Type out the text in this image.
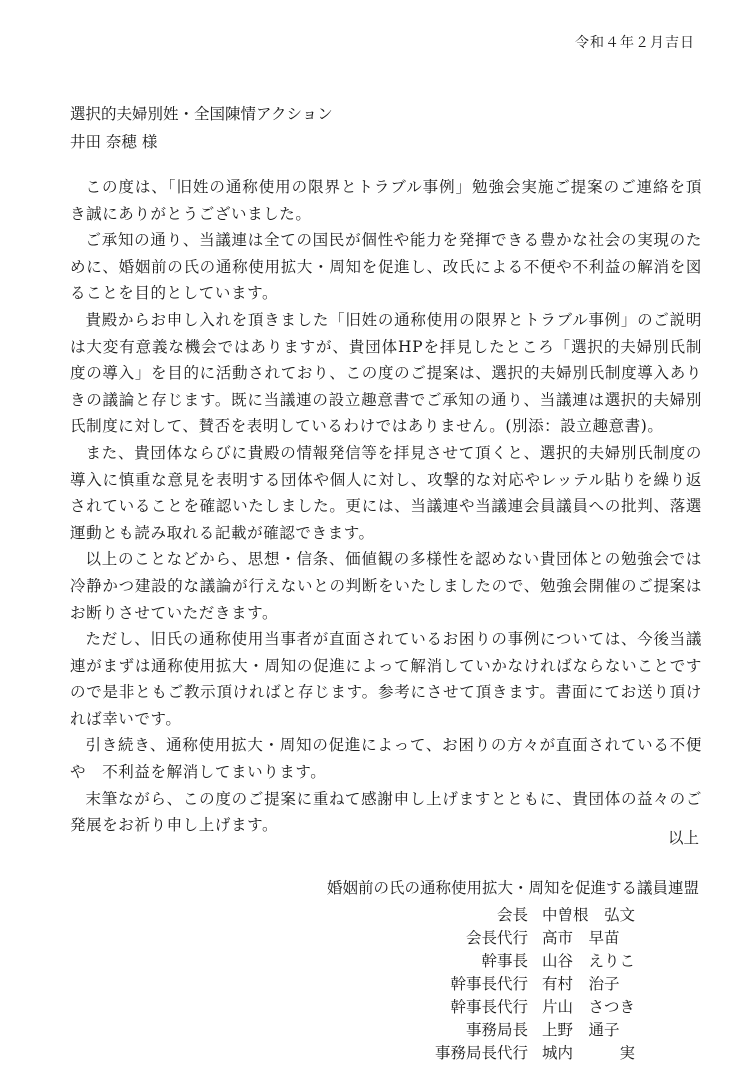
令和４年２月吉日
選択的夫婦別姓・全国陳情アクション
井田 奈穂 様

この度は、「旧姓の通称使用の限界とトラブル事例」勉強会実施ご提案のご連絡を頂き誠にありがとうございました。

ご承知の通り、当議連は全ての国民が個性や能力を発揮できる豊かな社会の実現のために、婚姻前の氏の通称使用拡大・周知を促進し、改氏による不便や不利益の解消を図ることを目的としています。

貴殿からお申し入れを頂きました「旧姓の通称使用の限界とトラブル事例」のご説明は大変有意義な機会ではありますが、貴団体HPを拝見したところ「選択的夫婦別氏制度の導入」を目的に活動されており、この度のご提案は、選択的夫婦別氏制度導入ありきの議論と存じます。既に当議連の設立趣意書でご承知の通り、当議連は選択的夫婦別氏制度に対して、賛否を表明しているわけではありません。(別添：設立趣意書)。

また、貴団体ならびに貴殿の情報発信等を拝見させて頂くと、選択的夫婦別氏制度の導入に慎重な意見を表明する団体や個人に対し、攻撃的な対応やレッテル貼りを繰り返されていることを確認いたしました。更には、当議連や当議連会員議員への批判、落選運動とも読み取れる記載が確認できます。

以上のことなどから、思想・信条、価値観の多様性を認めない貴団体との勉強会では冷静かつ建設的な議論が行えないとの判断をいたしましたので、勉強会開催のご提案はお断りさせていただきます。

ただし、旧氏の通称使用当事者が直面されているお困りの事例については、今後当議連がまずは通称使用拡大・周知の促進によって解消していかなければならないことですので是非ともご教示頂ければと存じます。参考にさせて頂きます。書面にてお送り頂ければ幸いです。

引き続き、通称使用拡大・周知の促進によって、お困りの方々が直面されている不便や　不利益を解消してまいります。

末筆ながら、この度のご提案に重ねて感謝申し上げますとともに、貴団体の益々のご発展をお祈り申し上げます。

以上
婚姻前の氏の通称使用拡大・周知を促進する議員連盟
会長 中曽根　弘文
会長代行 高市　早苗
幹事長 山谷　えりこ
幹事長代行 有村　治子
幹事長代行 片山　さつき
事務局長 上野　通子
事務局長代行 城内　　　実
